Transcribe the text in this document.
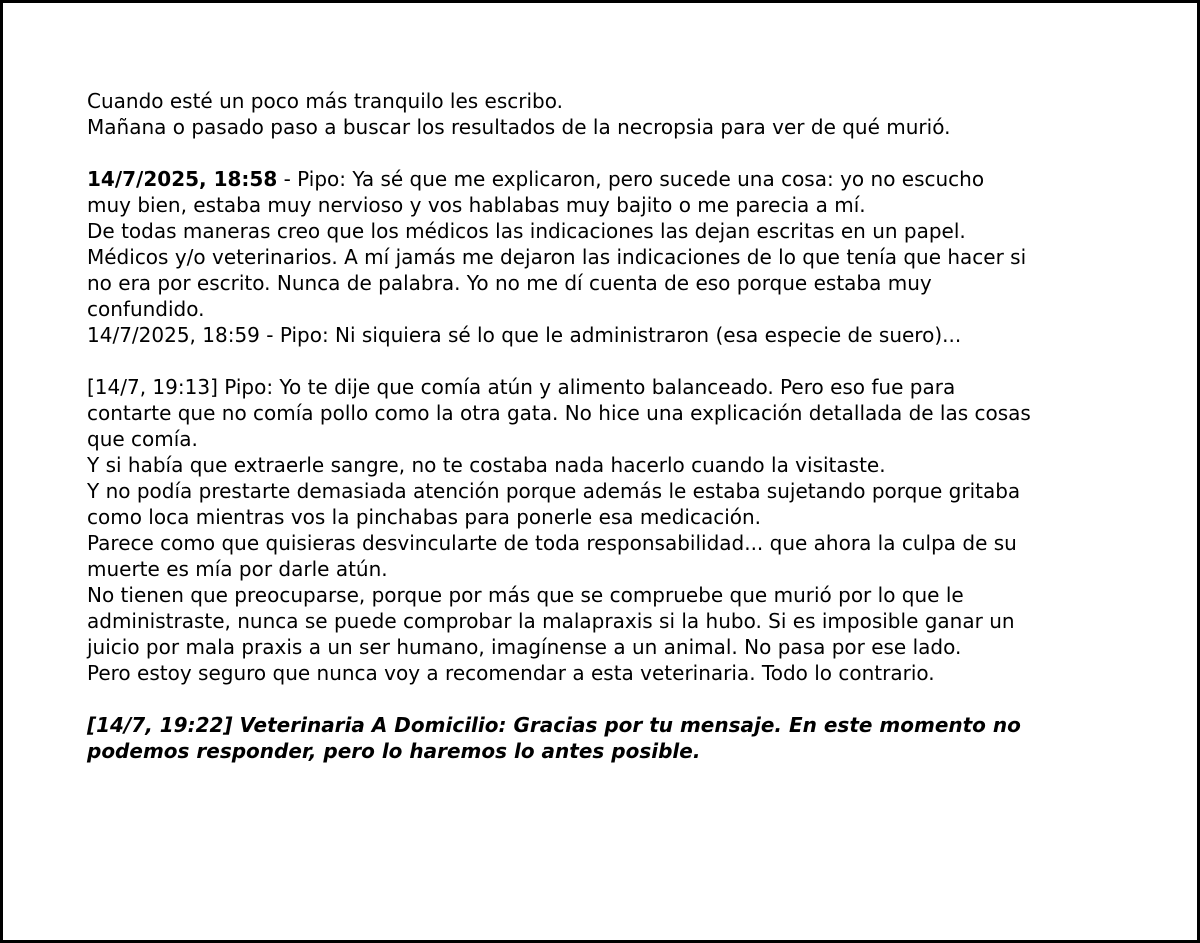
Cuando esté un poco más tranquilo les escribo.
Mañana o pasado paso a buscar los resultados de la necropsia para ver de qué murió.
14/7/2025, 18:58 - Pipo: Ya sé que me explicaron, pero sucede una cosa: yo no escucho
muy bien, estaba muy nervioso y vos hablabas muy bajito o me parecia a mí.
De todas maneras creo que los médicos las indicaciones las dejan escritas en un papel.
Médicos y/o veterinarios. A mí jamás me dejaron las indicaciones de lo que tenía que hacer si
no era por escrito. Nunca de palabra. Yo no me dí cuenta de eso porque estaba muy
confundido.
14/7/2025, 18:59 - Pipo: Ni siquiera sé lo que le administraron (esa especie de suero)...
[14/7, 19:13] Pipo: Yo te dije que comía atún y alimento balanceado. Pero eso fue para
contarte que no comía pollo como la otra gata. No hice una explicación detallada de las cosas
que comía.
Y si había que extraerle sangre, no te costaba nada hacerlo cuando la visitaste.
Y no podía prestarte demasiada atención porque además le estaba sujetando porque gritaba
como loca mientras vos la pinchabas para ponerle esa medicación.
Parece como que quisieras desvincularte de toda responsabilidad... que ahora la culpa de su
muerte es mía por darle atún.
No tienen que preocuparse, porque por más que se compruebe que murió por lo que le
administraste, nunca se puede comprobar la malapraxis si la hubo. Si es imposible ganar un
juicio por mala praxis a un ser humano, imagínense a un animal. No pasa por ese lado.
Pero estoy seguro que nunca voy a recomendar a esta veterinaria. Todo lo contrario.
[14/7, 19:22] Veterinaria A Domicilio: Gracias por tu mensaje. En este momento no
podemos responder, pero lo haremos lo antes posible.
